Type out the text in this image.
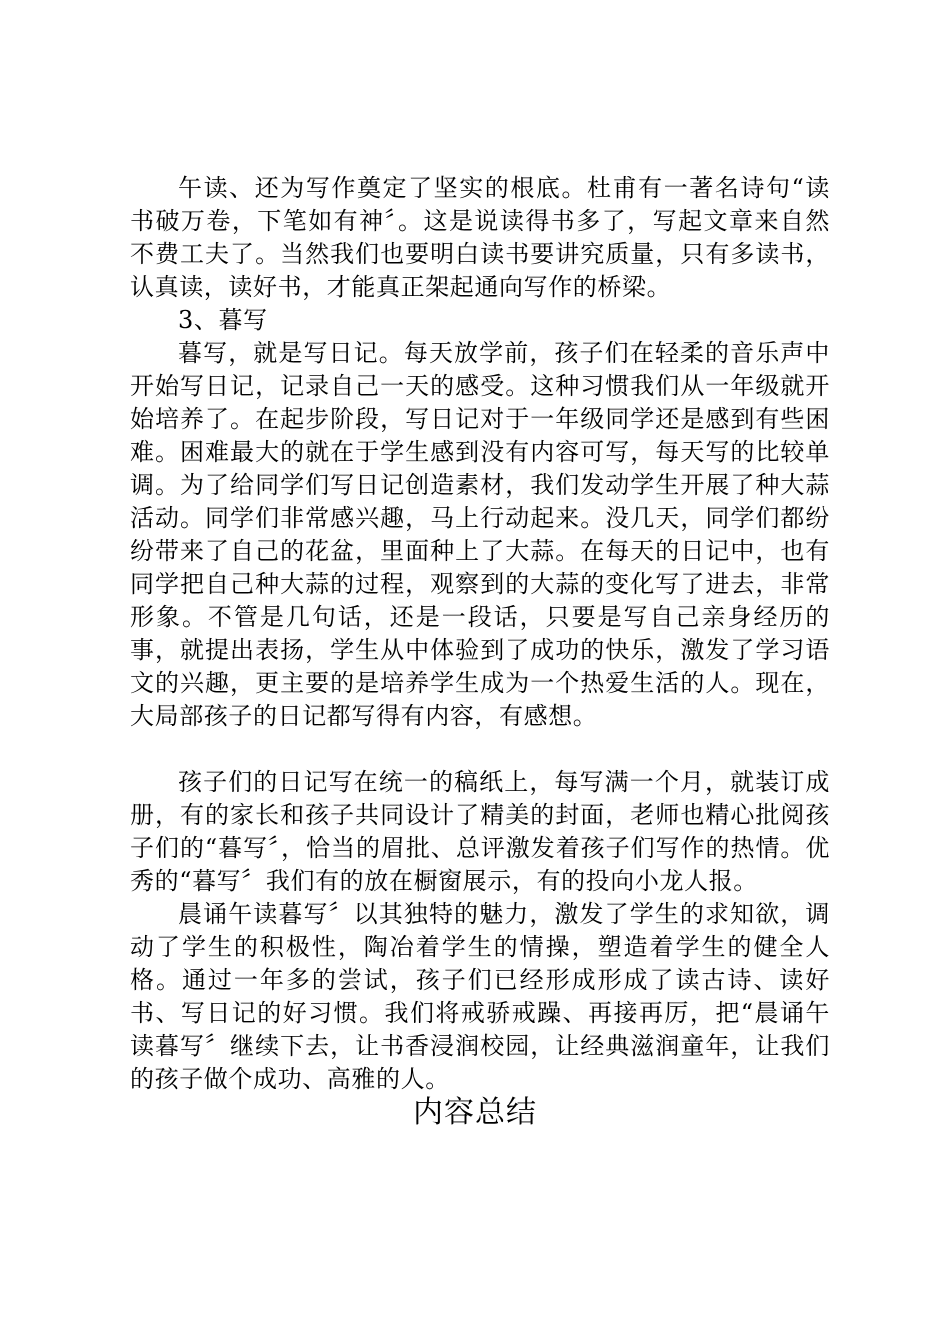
午读、还为写作奠定了坚实的根底。杜甫有一著名诗句“读书破万卷，下笔如有神〞。这是说读得书多了，写起文章来自然不费工夫了。当然我们也要明白读书要讲究质量，只有多读书，认真读，读好书，才能真正架起通向写作的桥梁。

3、暮写

暮写，就是写日记。每天放学前，孩子们在轻柔的音乐声中开始写日记，记录自己一天的感受。这种习惯我们从一年级就开始培养了。在起步阶段，写日记对于一年级同学还是感到有些困难。困难最大的就在于学生感到没有内容可写，每天写的比较单调。为了给同学们写日记创造素材，我们发动学生开展了种大蒜活动。同学们非常感兴趣，马上行动起来。没几天，同学们都纷纷带来了自己的花盆，里面种上了大蒜。在每天的日记中，也有同学把自己种大蒜的过程，观察到的大蒜的变化写了进去，非常形象。不管是几句话，还是一段话，只要是写自己亲身经历的事，就提出表扬，学生从中体验到了成功的快乐，激发了学习语文的兴趣，更主要的是培养学生成为一个热爱生活的人。现在，大局部孩子的日记都写得有内容，有感想。

孩子们的日记写在统一的稿纸上，每写满一个月，就装订成册，有的家长和孩子共同设计了精美的封面，老师也精心批阅孩子们的“暮写〞，恰当的眉批、总评激发着孩子们写作的热情。优秀的“暮写〞我们有的放在橱窗展示，有的投向小龙人报。

晨诵午读暮写〞以其独特的魅力，激发了学生的求知欲，调动了学生的积极性，陶冶着学生的情操，塑造着学生的健全人格。通过一年多的尝试，孩子们已经形成形成了读古诗、读好书、写日记的好习惯。我们将戒骄戒躁、再接再厉，把“晨诵午读暮写〞继续下去，让书香浸润校园，让经典滋润童年，让我们的孩子做个成功、高雅的人。

内容总结
